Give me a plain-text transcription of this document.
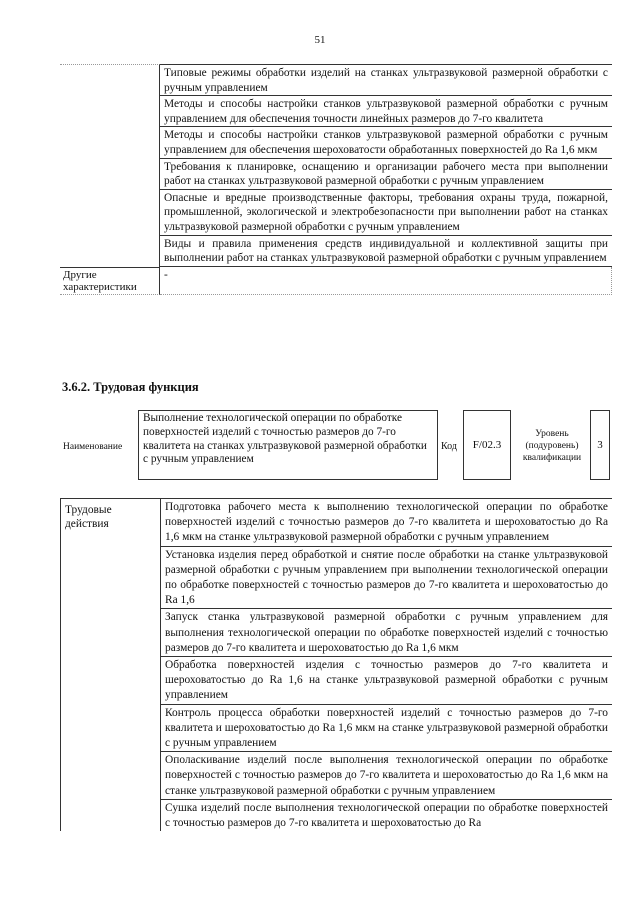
51
Типовые режимы обработки изделий на станках ультразвуковой размерной обработки с ручным управлением
Методы и способы настройки станков ультразвуковой размерной обработки с ручным управлением для обеспечения точности линейных размеров до 7-го квалитета
Методы и способы настройки станков ультразвуковой размерной обработки с ручным управлением для обеспечения шероховатости обработанных поверхностей до Ra 1,6 мкм
Требования к планировке, оснащению и организации рабочего места при выполнении работ на станках ультразвуковой размерной обработки с ручным управлением
Опасные и вредные производственные факторы, требования охраны труда, пожарной, промышленной, экологической и электробезопасности при выполнении работ на станках ультразвуковой размерной обработки с ручным управлением
Виды и правила применения средств индивидуальной и коллективной защиты при выполнении работ на станках ультразвуковой размерной обработки с ручным управлением
Другие характеристики
-
3.6.2. Трудовая функция
Наименование
Выполнение технологической операции по обработке поверхностей изделий с точностью размеров до 7-го квалитета на станках ультразвуковой размерной обработки с ручным управлением
Код	F/02.3
Уровень (подуровень) квалификации
3
Трудовые действия
Подготовка рабочего места к выполнению технологической операции по обработке поверхностей изделий с точностью размеров до 7-го квалитета и шероховатостью до Ra 1,6 мкм на станке ультразвуковой размерной обработки с ручным управлением
Установка изделия перед обработкой и снятие после обработки на станке ультразвуковой размерной обработки с ручным управлением при выполнении технологической операции по обработке поверхностей с точностью размеров до 7-го квалитета и шероховатостью до Ra 1,6
Запуск станка ультразвуковой размерной обработки с ручным управлением для выполнения технологической операции по обработке поверхностей изделий с точностью размеров до 7-го квалитета и шероховатостью до Ra 1,6 мкм
Обработка поверхностей изделия с точностью размеров до 7-го квалитета и шероховатостью до Ra 1,6 на станке ультразвуковой размерной обработки с ручным управлением
Контроль процесса обработки поверхностей изделий с точностью размеров до 7-го квалитета и шероховатостью до Ra 1,6 мкм на станке ультразвуковой размерной обработки с ручным управлением
Ополаскивание изделий после выполнения технологической операции по обработке поверхностей с точностью размеров до 7-го квалитета и шероховатостью до Ra 1,6 мкм на станке ультразвуковой размерной обработки с ручным управлением
Сушка изделий после выполнения технологической операции по обработке поверхностей с точностью размеров до 7-го квалитета и шероховатостью до Ra
